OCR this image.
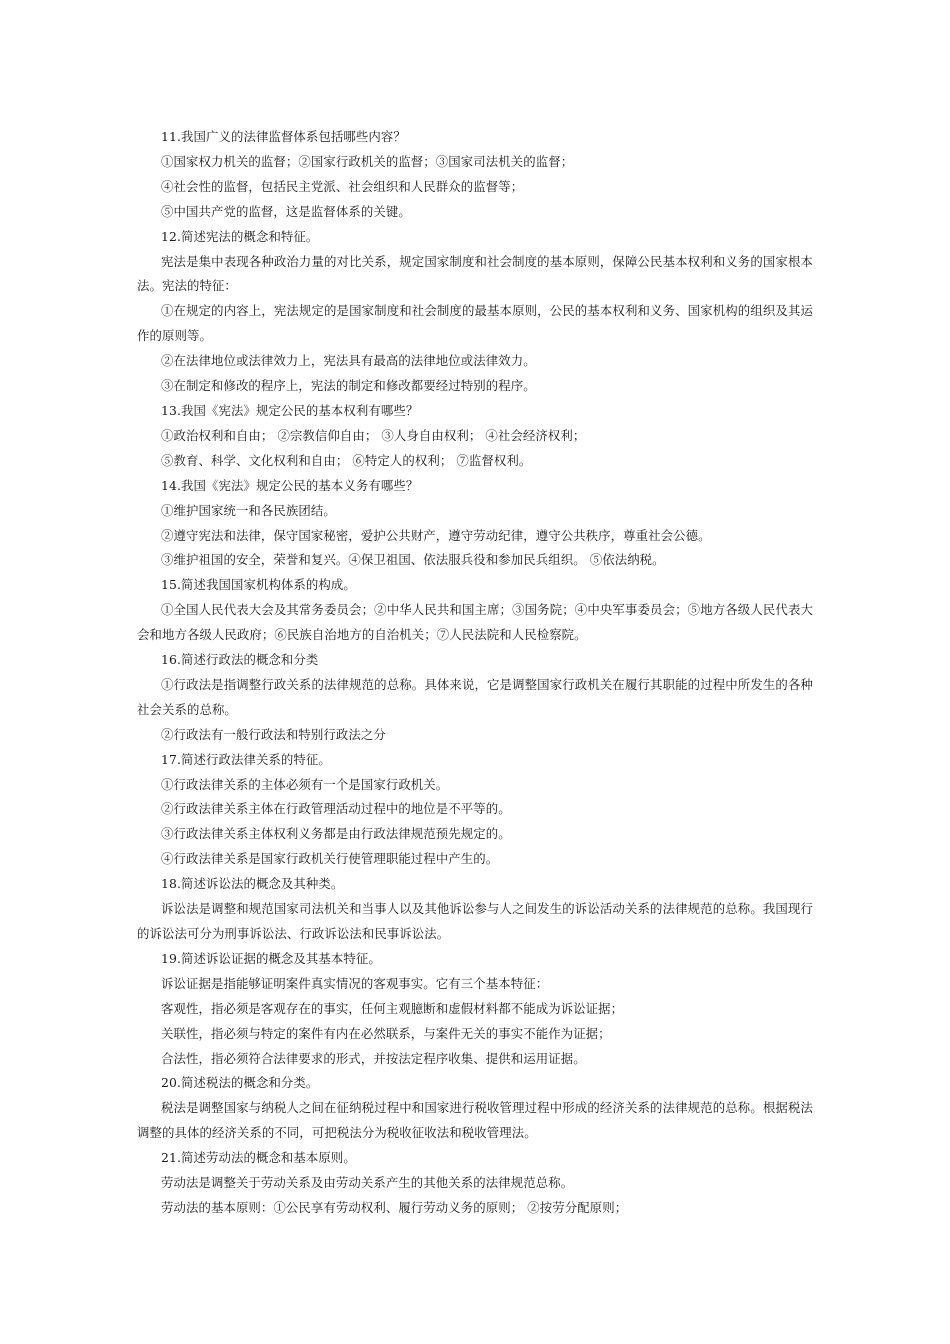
11.我国广义的法律监督体系包括哪些内容？

①国家权力机关的监督；②国家行政机关的监督；③国家司法机关的监督；

④社会性的监督，包括民主党派、社会组织和人民群众的监督等；

⑤中国共产党的监督，这是监督体系的关键。

12.简述宪法的概念和特征。

宪法是集中表现各种政治力量的对比关系，规定国家制度和社会制度的基本原则，保障公民基本权利和义务的国家根本法。宪法的特征：

①在规定的内容上，宪法规定的是国家制度和社会制度的最基本原则，公民的基本权利和义务、国家机构的组织及其运作的原则等。

②在法律地位或法律效力上，宪法具有最高的法律地位或法律效力。

③在制定和修改的程序上，宪法的制定和修改都要经过特别的程序。

13.我国《宪法》规定公民的基本权利有哪些？

①政治权利和自由； ②宗教信仰自由； ③人身自由权利； ④社会经济权利；

⑤教育、科学、文化权利和自由； ⑥特定人的权利； ⑦监督权利。

14.我国《宪法》规定公民的基本义务有哪些？

①维护国家统一和各民族团结。

②遵守宪法和法律，保守国家秘密，爱护公共财产，遵守劳动纪律，遵守公共秩序，尊重社会公德。

③维护祖国的安全，荣誉和复兴。④保卫祖国、依法服兵役和参加民兵组织。 ⑤依法纳税。

15.简述我国国家机构体系的构成。

①全国人民代表大会及其常务委员会；②中华人民共和国主席；③国务院；④中央军事委员会；⑤地方各级人民代表大会和地方各级人民政府；⑥民族自治地方的自治机关；⑦人民法院和人民检察院。

16.简述行政法的概念和分类

①行政法是指调整行政关系的法律规范的总称。具体来说，它是调整国家行政机关在履行其职能的过程中所发生的各种社会关系的总称。

②行政法有一般行政法和特别行政法之分

17.简述行政法律关系的特征。

①行政法律关系的主体必须有一个是国家行政机关。

②行政法律关系主体在行政管理活动过程中的地位是不平等的。

③行政法律关系主体权利义务都是由行政法律规范预先规定的。

④行政法律关系是国家行政机关行使管理职能过程中产生的。

18.简述诉讼法的概念及其种类。

诉讼法是调整和规范国家司法机关和当事人以及其他诉讼参与人之间发生的诉讼活动关系的法律规范的总称。我国现行的诉讼法可分为刑事诉讼法、行政诉讼法和民事诉讼法。

19.简述诉讼证据的概念及其基本特征。

诉讼证据是指能够证明案件真实情况的客观事实。它有三个基本特征：

客观性，指必须是客观存在的事实，任何主观臆断和虚假材料都不能成为诉讼证据；

关联性，指必须与特定的案件有内在必然联系，与案件无关的事实不能作为证据；

合法性，指必须符合法律要求的形式，并按法定程序收集、提供和运用证据。

20.简述税法的概念和分类。

税法是调整国家与纳税人之间在征纳税过程中和国家进行税收管理过程中形成的经济关系的法律规范的总称。根据税法调整的具体的经济关系的不同，可把税法分为税收征收法和税收管理法。

21.简述劳动法的概念和基本原则。

劳动法是调整关于劳动关系及由劳动关系产生的其他关系的法律规范总称。

劳动法的基本原则：①公民享有劳动权利、履行劳动义务的原则； ②按劳分配原则；
